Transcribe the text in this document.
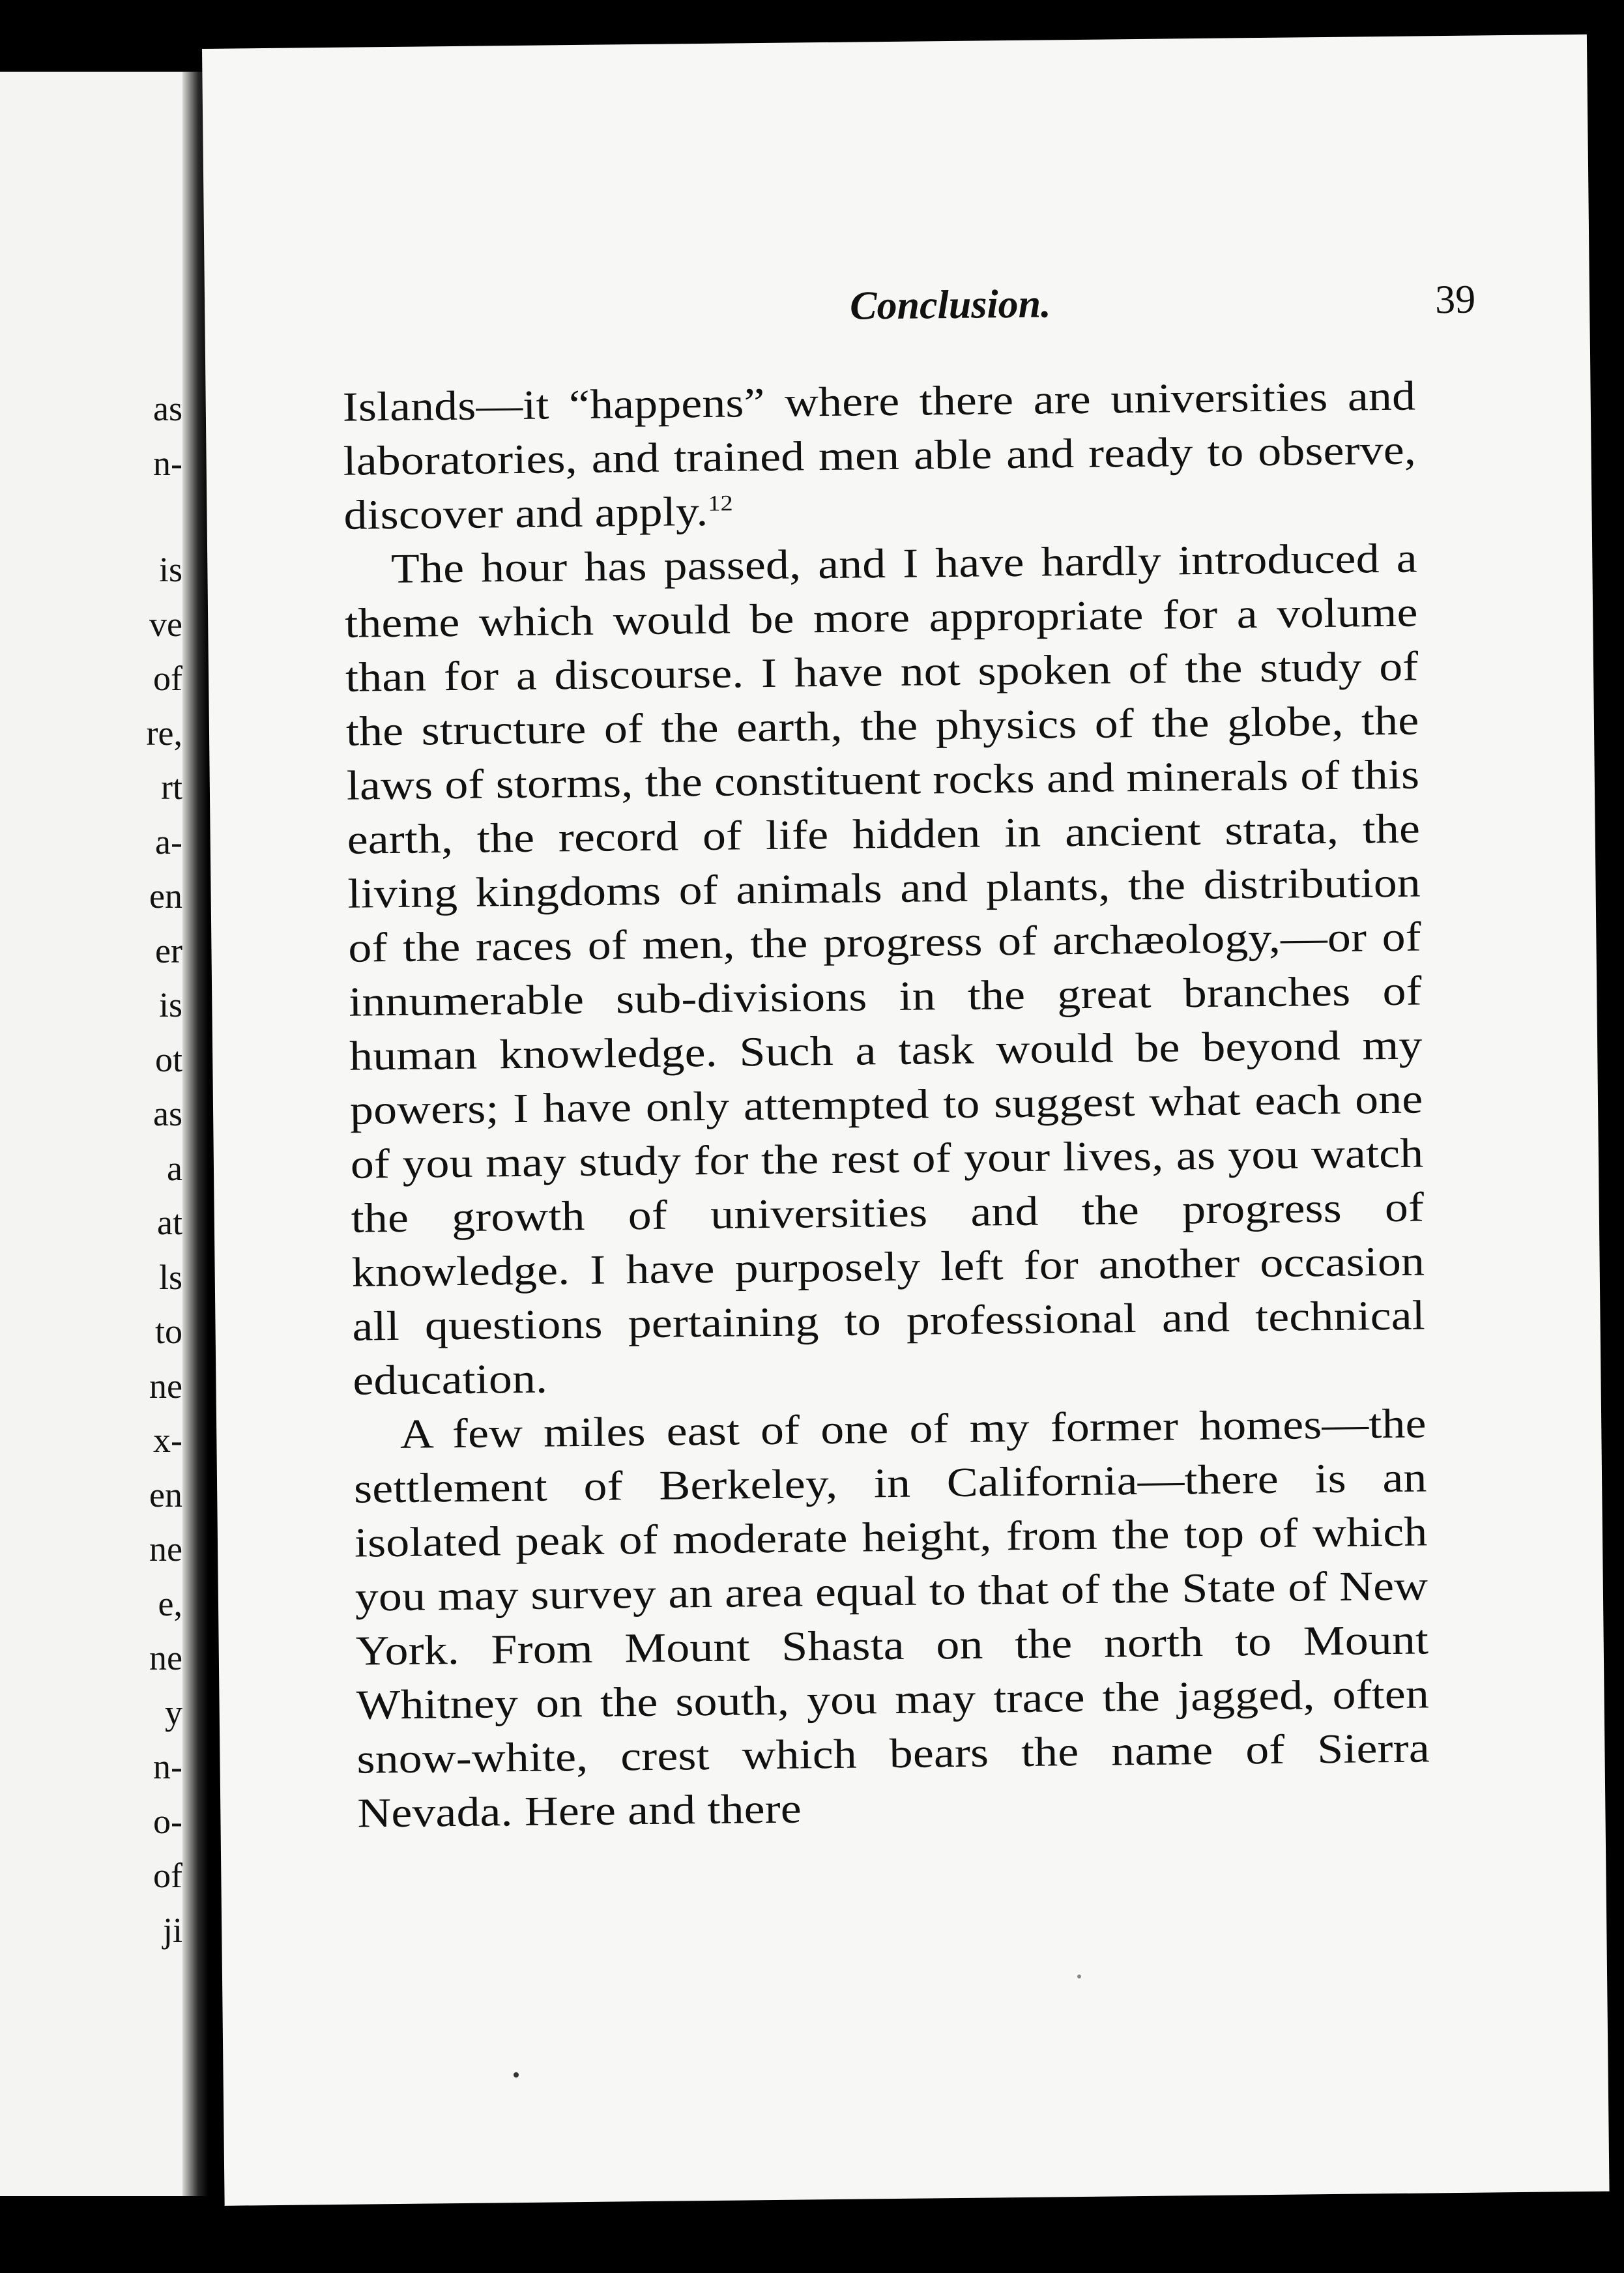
as
n-
is
ve
of
re,
rt
a-
en
er
is
ot
as
a
at
ls
to
ne
x-
en
ne
e,
ne
y
n-
o-
of
ji
Conclusion.	39

Islands—it “happens” where there are universities and laboratories, and trained men able and ready to observe, discover and apply.$^{12}$

The hour has passed, and I have hardly introduced a theme which would be more appropriate for a volume than for a discourse. I have not spoken of the study of the structure of the earth, the physics of the globe, the laws of storms, the constituent rocks and minerals of this earth, the record of life hidden in ancient strata, the living kingdoms of animals and plants, the distribution of the races of men, the progress of archæology,—or of innumerable sub-divisions in the great branches of human knowledge. Such a task would be beyond my powers; I have only attempted to suggest what each one of you may study for the rest of your lives, as you watch the growth of universities and the progress of knowledge. I have purposely left for another occasion all questions pertaining to professional and technical education.

A few miles east of one of my former homes—the settlement of Berkeley, in California—there is an isolated peak of moderate height, from the top of which you may survey an area equal to that of the State of New York. From Mount Shasta on the north to Mount Whitney on the south, you may trace the jagged, often snow-white, crest which bears the name of Sierra Nevada. Here and there
